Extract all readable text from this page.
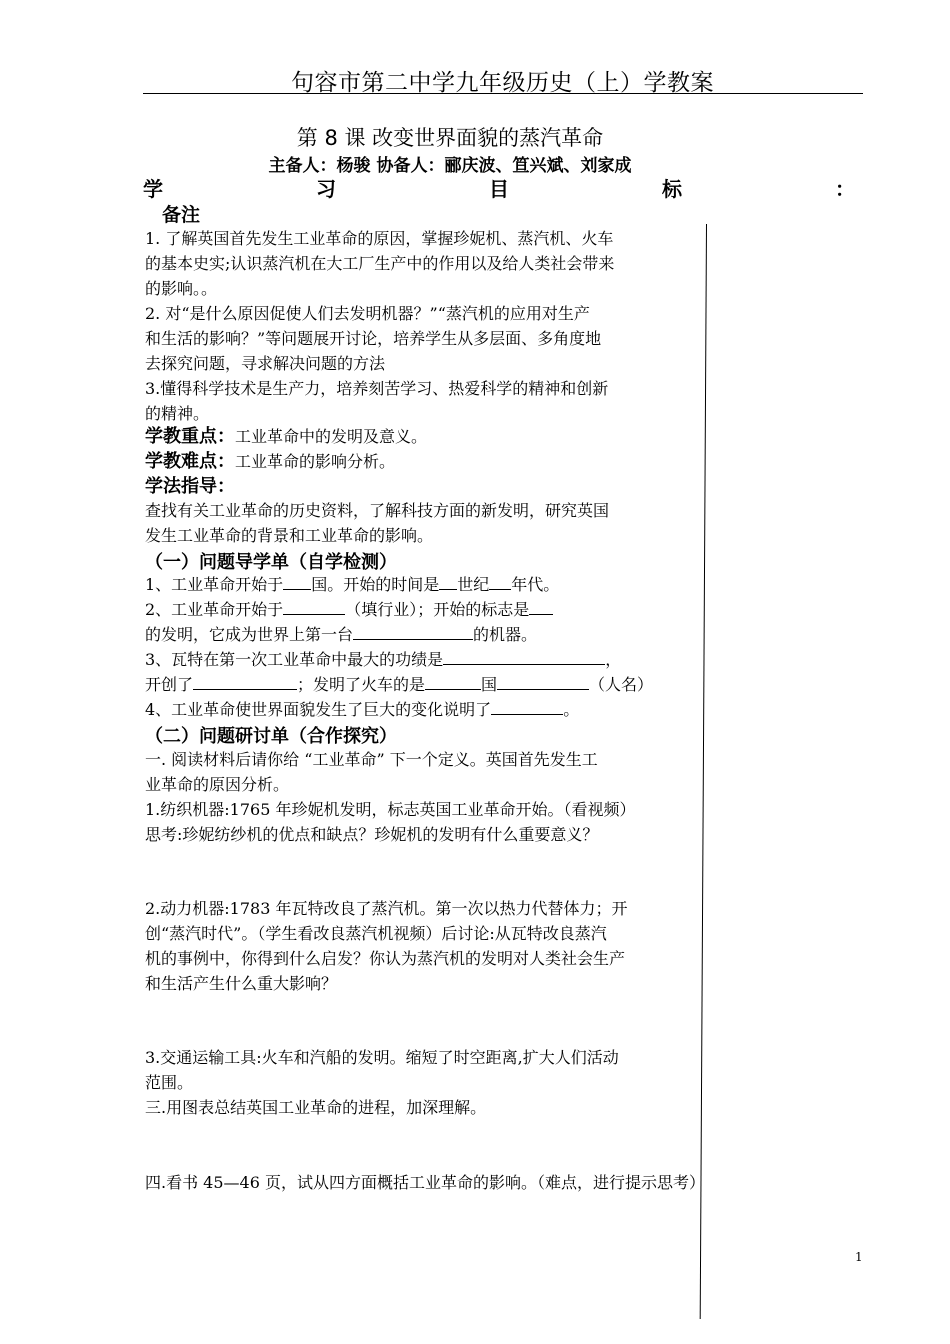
句容市第二中学九年级历史（上）学教案
第 8 课 改变世界面貌的蒸汽革命
主备人：杨骏 协备人：郦庆波、笪兴斌、刘家成
学	习	目	标	：
备注
1. 了解英国首先发生工业革命的原因，掌握珍妮机、蒸汽机、火车
的基本史实;认识蒸汽机在大工厂生产中的作用以及给人类社会带来
的影响。。
2. 对“是什么原因促使人们去发明机器？”“蒸汽机的应用对生产
和生活的影响？”等问题展开讨论，培养学生从多层面、多角度地
去探究问题，寻求解决问题的方法
3.懂得科学技术是生产力，培养刻苦学习、热爱科学的精神和创新
的精神。
学教重点：工业革命中的发明及意义。
学教难点：工业革命的影响分析。
学法指导：
查找有关工业革命的历史资料，了解科技方面的新发明，研究英国
发生工业革命的背景和工业革命的影响。
（一）问题导学单（自学检测）
1、工业革命开始于 国。开始的时间是 世纪 年代。
2、工业革命开始于	（填行业）；开始的标志是
的发明，它成为世界上第一台	的机器。
3、瓦特在第一次工业革命中最大的功绩是	，
开创了	；发明了火车的是	国	（人名）
4、工业革命使世界面貌发生了巨大的变化说明了	。
（二）问题研讨单（合作探究）
一. 阅读材料后请你给 “工业革命” 下一个定义。英国首先发生工
业革命的原因分析。
1.纺织机器:1765 年珍妮机发明，标志英国工业革命开始。（看视频）
思考:珍妮纺纱机的优点和缺点？珍妮机的发明有什么重要意义？
2.动力机器:1783 年瓦特改良了蒸汽机。第一次以热力代替体力；开
创“蒸汽时代”。（学生看改良蒸汽机视频）后讨论:从瓦特改良蒸汽
机的事例中，你得到什么启发？你认为蒸汽机的发明对人类社会生产
和生活产生什么重大影响？
3.交通运输工具:火车和汽船的发明。缩短了时空距离,扩大人们活动
范围。
三.用图表总结英国工业革命的进程，加深理解。
四.看书 45—46 页，试从四方面概括工业革命的影响。（难点，进行提示思考）
1
